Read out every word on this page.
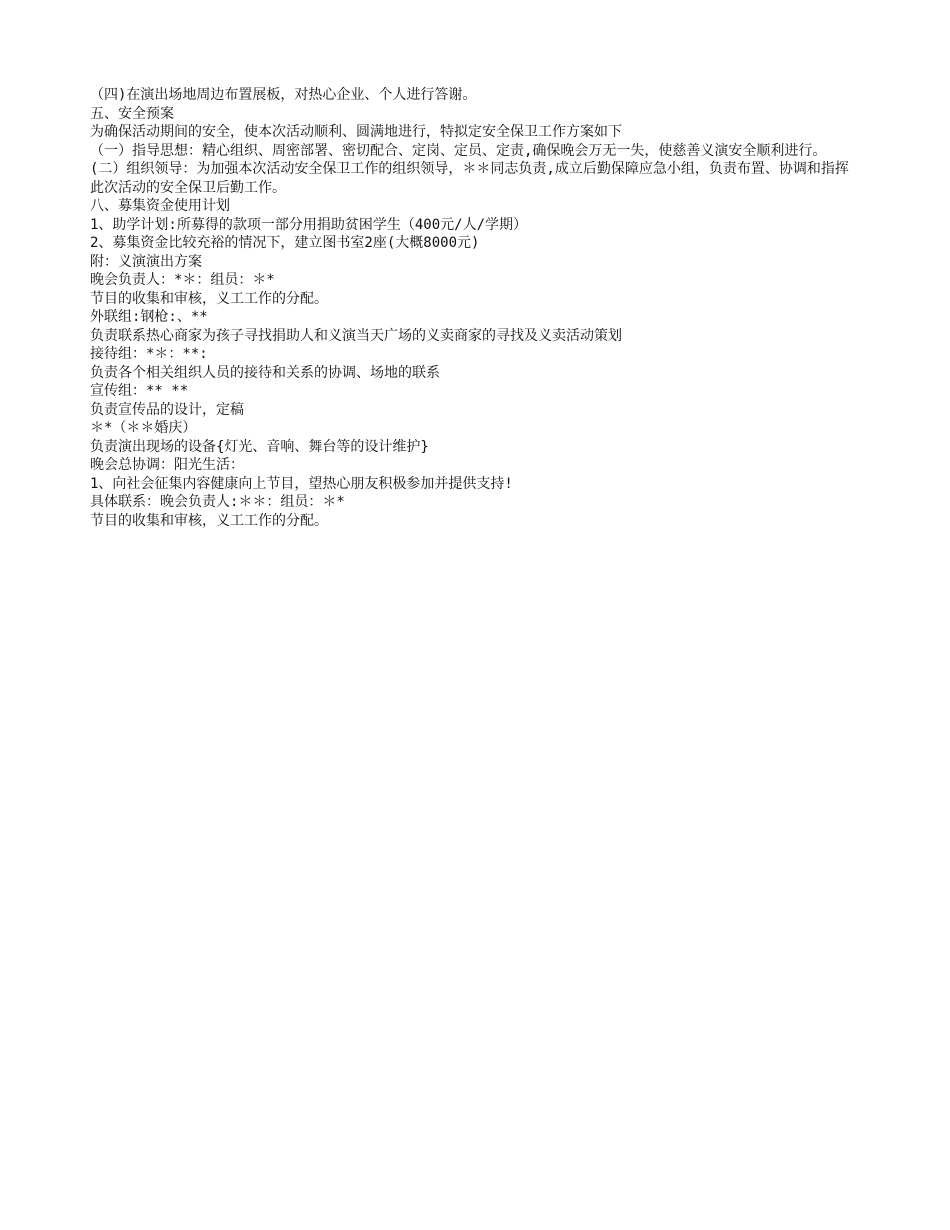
（四)在演出场地周边布置展板，对热心企业、个人进行答谢。

五、安全预案

为确保活动期间的安全，使本次活动顺利、圆满地进行，特拟定安全保卫工作方案如下

（一）指导思想：精心组织、周密部署、密切配合、定岗、定员、定责,确保晚会万无一失，使慈善义演安全顺利进行。

(二）组织领导：为加强本次活动安全保卫工作的组织领导，＊＊同志负责,成立后勤保障应急小组，负责布置、协调和指挥此次活动的安全保卫后勤工作。

八、募集资金使用计划

1、助学计划:所募得的款项一部分用捐助贫困学生（400元/人/学期）

2、募集资金比较充裕的情况下，建立图书室2座(大概8000元)

附：义演演出方案

晚会负责人：*＊：组员：＊*

节目的收集和审核，义工工作的分配。

外联组:钢枪:、**

负责联系热心商家为孩子寻找捐助人和义演当天广场的义卖商家的寻找及义卖活动策划

接待组：*＊：**:

负责各个相关组织人员的接待和关系的协调、场地的联系

宣传组：** **

负责宣传品的设计，定稿

＊*（＊＊婚庆）

负责演出现场的设备{灯光、音响、舞台等的设计维护}

晚会总协调：阳光生活：

1、向社会征集内容健康向上节目，望热心朋友积极参加并提供支持!

具体联系：晚会负责人:＊＊：组员：＊*

节目的收集和审核，义工工作的分配。
